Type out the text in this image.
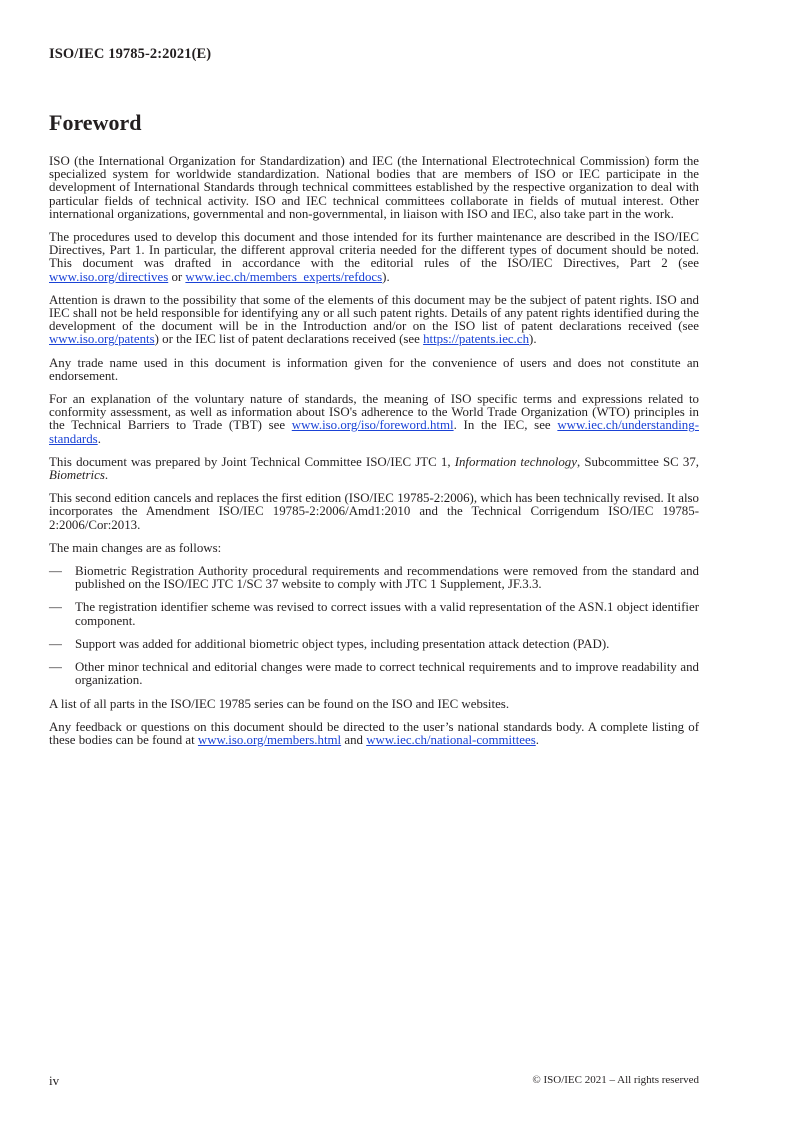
ISO/IEC 19785-2:2021(E)
Foreword

ISO (the International Organization for Standardization) and IEC (the International Electrotechnical Commission) form the specialized system for worldwide standardization. National bodies that are members of ISO or IEC participate in the development of International Standards through technical committees established by the respective organization to deal with particular fields of technical activity. ISO and IEC technical committees collaborate in fields of mutual interest. Other international organizations, governmental and non-governmental, in liaison with ISO and IEC, also take part in the work.

The procedures used to develop this document and those intended for its further maintenance are described in the ISO/IEC Directives, Part 1. In particular, the different approval criteria needed for the different types of document should be noted. This document was drafted in accordance with the editorial rules of the ISO/IEC Directives, Part 2 (see www.iso.org/directives or www.iec.ch/members_experts/refdocs).

Attention is drawn to the possibility that some of the elements of this document may be the subject of patent rights. ISO and IEC shall not be held responsible for identifying any or all such patent rights. Details of any patent rights identified during the development of the document will be in the Introduction and/or on the ISO list of patent declarations received (see www.iso.org/patents) or the IEC list of patent declarations received (see https://patents.iec.ch).

Any trade name used in this document is information given for the convenience of users and does not constitute an endorsement.

For an explanation of the voluntary nature of standards, the meaning of ISO specific terms and expressions related to conformity assessment, as well as information about ISO's adherence to the World Trade Organization (WTO) principles in the Technical Barriers to Trade (TBT) see www.iso.org/iso/foreword.html. In the IEC, see www.iec.ch/understanding-standards.

This document was prepared by Joint Technical Committee ISO/IEC JTC 1, Information technology, Subcommittee SC 37, Biometrics.

This second edition cancels and replaces the first edition (ISO/IEC 19785-2:2006), which has been technically revised. It also incorporates the Amendment ISO/IEC 19785-2:2006/Amd1:2010 and the Technical Corrigendum ISO/IEC 19785-2:2006/Cor:2013.

The main changes are as follows:

—	Biometric Registration Authority procedural requirements and recommendations were removed from the standard and published on the ISO/IEC JTC 1/SC 37 website to comply with JTC 1 Supplement, JF.3.3.
—	The registration identifier scheme was revised to correct issues with a valid representation of the ASN.1 object identifier component.
—	Support was added for additional biometric object types, including presentation attack detection (PAD).
—	Other minor technical and editorial changes were made to correct technical requirements and to improve readability and organization.

A list of all parts in the ISO/IEC 19785 series can be found on the ISO and IEC websites.

Any feedback or questions on this document should be directed to the user’s national standards body. A complete listing of these bodies can be found at www.iso.org/members.html and www.iec.ch/national-committees.

iv	© ISO/IEC 2021 – All rights reserved
